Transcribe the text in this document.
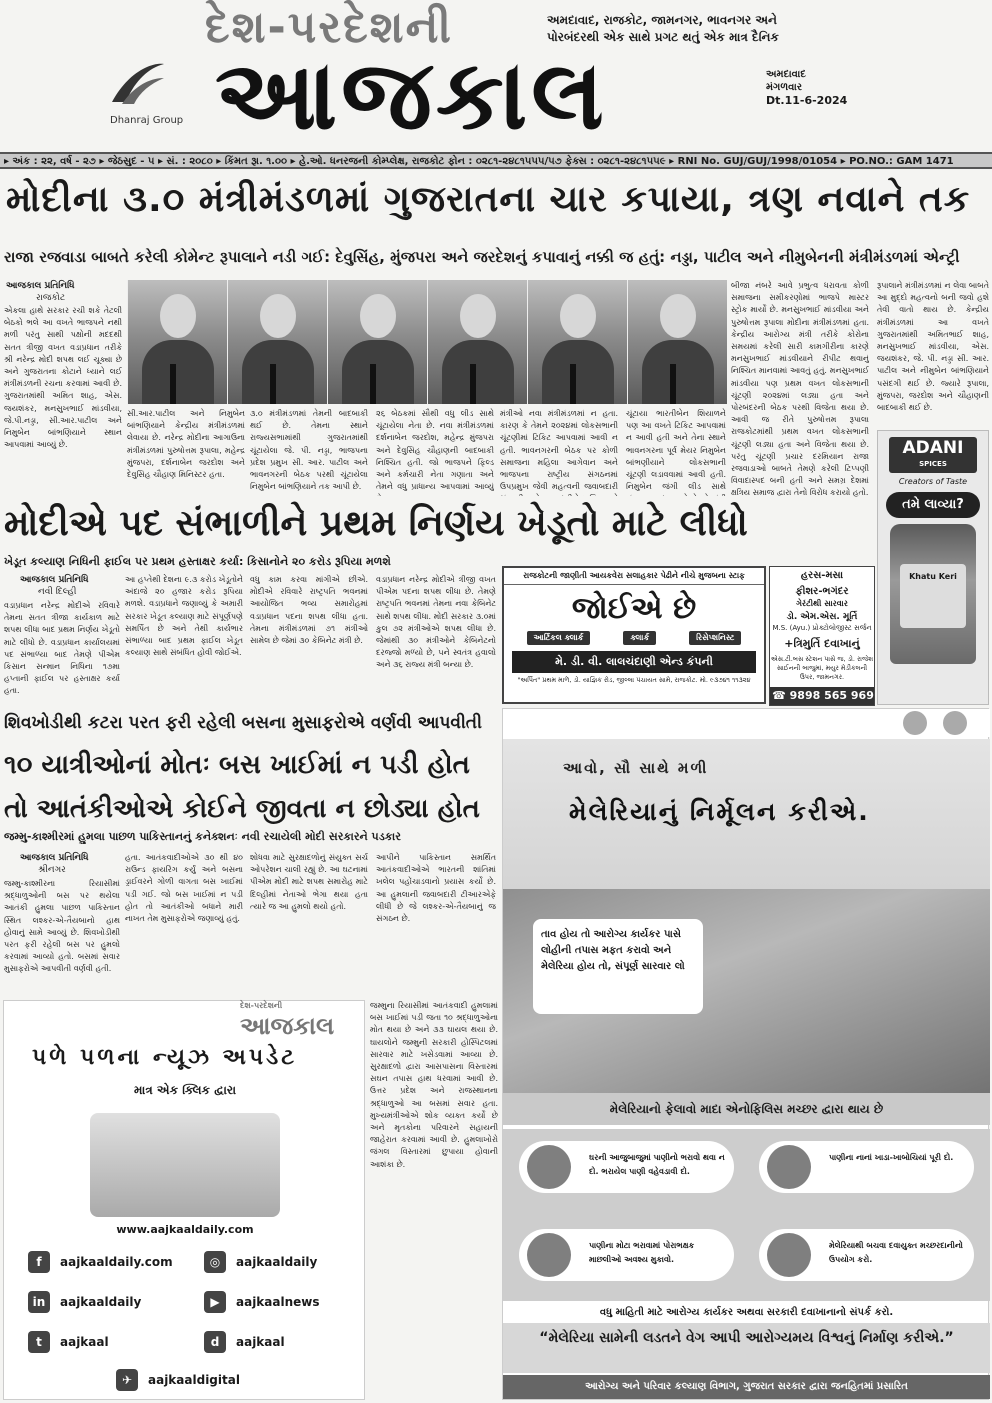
Dhanraj Group
દેશ-પરદેશની
આજકાલ
અમદાવાદ, રાજકોટ, જામનગર, ભાવનગર અને
પોરબંદરથી એક સાથે પ્રગટ થતું એક માત્ર દૈનિક
અમદાવાદ
મંગળવાર
Dt.11-6-2024
▸ અંક : ૨૨, વર્ષ - ૨૭ ▸ જેઠસુદ - ૫ ▸ સં. : ૨૦૮૦ ▸ કિંમત રૂા. ૧.૦૦ ▸ હે.ઓ. ધનરજની કોમ્પ્લેક્ષ, રાજકોટ ફોન : ૦૨૮૧-૨૪૮૧૫૫૫/૫૭ ફેક્સ : ૦૨૮૧-૨૪૮૧૫૫૯ ▸ RNI No. GUJ/GUJ/1998/01054 ▸ PO.NO.: GAM 1471
મોદીના ૩.૦ મંત્રીમંડળમાં ગુજરાતના ચાર કપાયા, ત્રણ નવાને તક
રાજા રજવાડા બાબતે કરેલી કોમેન્ટ રૂપાલાને નડી ગઈ: દેવુસિંહ, મુંજપરા અને જરદેશનું કપાવાનું નક્કી જ હતું: નડ્ડા, પાટીલ અને નીમુબેનની મંત્રીમંડળમાં એન્ટ્રી
આજકાલ પ્રતિનિધિ
રાજકોટ
એકલા હાથે સરકાર રચી શકે તેટલી બેઠકો ભલે આ વખતે ભાજપને નથી મળી પરંતુ સાથી પક્ષોની મદદથી સતત ત્રીજી વખત વડાપ્રધાન તરીકે શ્રી નરેન્દ્ર મોદી શપથ લઈ ચૂક્યા છે અને ગુજરાતના કોટાને ધ્યાને લઈ મંત્રીમંડળની રચના કરવામાં આવી છે. ગુજરાતમાંથી અમિત શાહ, એસ. જયશંકર, મનસુખભાઈ માંડવીયા, જે.પી.નડ્ડા, સી.આર.પાટીલ અને નિમુબેન બાંભણિયાને સ્થાન આપવામાં આવ્યું છે.
સી.આર.પાટીલ અને નિમુબેન બાંભણિયાને કેન્દ્રીય મંત્રીમંડળમાં લેવાયા છે. નરેન્દ્ર મોદીના આગાઉના મંત્રીમંડળમાં પુરુષોત્તમ રૂપાલા, મહેન્દ્ર મુંજપરા, દર્શનાબેન જરદોશ અને દેવુસિંહ ચૌહાણ મિનિસ્ટર હતા.
૩.૦ મંત્રીમંડળમાં તેમની બાદબાકી થઈ છે. તેમના સ્થાને રાજ્યસભામાંથી ગુજરાતમાંથી ચૂંટાયેલા જે. પી. નડ્ડા, ભાજપના પ્રદેશ પ્રમુખ સી. આર. પાટીલ અને ભાવનગરની બેઠક પરથી ચૂંટાયેલા નિમુબેન બાંભણિયાને તક આપી છે.
૨૬ બેઠકમાં સૌથી વધુ લીડ સાથે ચૂંટાયેલા નેતા છે. નવા મંત્રીમંડળમાં દર્શનાબેન જરદોશ, મહેન્દ્ર મુંજપરા અને દેવુસિંહ ચૌહાણની બાદબાકી નિશ્ચિત હતી. જો ભાજપને ફિલ્ડ અને કર્મચારી નેતા ગણાતા અને તેમને વધુ પ્રાધાન્ય આપવામાં આવ્યું
મંત્રીઓ નવા મંત્રીમંડળમાં ન હતા. કારણ કે તેમને ૨૦૨૪માં લોકસભાની ચૂંટણીમાં ટિકિટ આપવામાં આવી ન હતી. ભાવનગરની બેઠક પર કોળી સમાજના મહિલા આગેવાન અને ભાજપના રાષ્ટ્રીય સંગઠનમાં ઉપપ્રમુખ જેવી મહત્વની જવાબદારી
ચૂંટાયા ભારતીબેન શિયાળને પણ આ વખતે ટિકિટ આપવામાં ન આવી હતી અને તેના સ્થાને ભાવનગરના પૂર્વ મેયર નિમુબેન બાંભણીયાને લોકસભાની ચૂંટણી લડાવવામાં આવી હતી. નિમુબેન જંગી લીડ સાથે
બીજા નંબરે આવે પ્રભુત્વ ધરાવતા કોળી સમાજના સમીકરણોમાં ભાજપે માસ્ટર સ્ટ્રોક માર્યો છે. મનસુખભાઈ માંડવીયા અને પુરુષોત્તમ રૂપાલા મોદીના મંત્રીમંડળમાં હતા. કેન્દ્રીય આરોગ્ય મંત્રી તરીકે કોરોના સમયમાં કરેલી સારી કામગીરીના કારણે મનસુખભાઈ માંડવીયાને રીપીટ થવાનું નિશ્ચિત માનવામાં આવતું હતું. મનસુખભાઈ માંડવીયા પણ પ્રથમ વખત લોકસભાની ચૂંટણી ૨૦૨૪માં લડ્યા હતા અને પોરબંદરની બેઠક પરથી વિજેતા થયા છે. આવી જ રીતે પુરુષોત્તમ રૂપાલા રાજકોટમાંથી પ્રથમ વખત લોકસભાની ચૂંટણી લડ્યા હતા અને વિજેતા થયા છે. પરંતુ ચૂંટણી પ્રચાર દરમિયાન રાજા રજવાડાઓ બાબતે તેમણે કરેલી ટિપ્પણી વિવાદાસ્પદ બની હતી અને સમગ્ર દેશમાં ક્ષત્રિય સમાજ દ્વારા તેનો વિરોધ કરાયો હતો.
રૂપાલાને મંત્રીમંડળમાં ન લેવા બાબતે આ મુદ્દો મહત્વનો બની જવો હશે તેવી વાતો થાય છે. કેન્દ્રીય મંત્રીમંડળમાં આ વખતે ગુજરાતમાંથી અમિતભાઈ શાહ, મનસુખભાઈ માંડવીયા, એસ. જયશંકર, જે. પી. નડ્ડા સી. આર. પાટીલ અને નીમુબેન બાંભણિયાને પસંદગી થઈ છે. જ્યારે રૂપાલા, મુંજપરા, જરદોશ અને ચૌહાણની બાદબાકી થઈ છે.
ADANI
SPICES
Creators of Taste
તમે લાવ્યા?
Khatu Keri
મોદીએ પદ સંભાળીને પ્રથમ નિર્ણય ખેડૂતો માટે લીધો
ખેડૂત કલ્યાણ નિધિની ફાઈલ પર પ્રથમ હસ્તાક્ષર કર્યા: કિસાનોને ૨૦ કરોડ રૂપિયા મળશે
આજકાલ પ્રતિનિધિ
નવી દિલ્હી
વડાપ્રધાન નરેન્દ્ર મોદીએ રવિવારે તેમના સતત ત્રીજા કાર્યકાળ માટે શપથ લીધા બાદ પ્રથમ નિર્ણય ખેડૂતો માટે લીધો છે. વડાપ્રધાન કાર્યાલયમાં પદ સંભાળ્યા બાદ તેમણે પીએમ કિસાન સન્માન નિધિના ૧૭મા હપ્તાની ફાઈલ પર હસ્તાક્ષર કર્યા હતા.
આ હપ્તેથી દેશના ૯.૩ કરોડ ખેડૂતોને અંદાજે ૨૦ હજાર કરોડ રૂપિયા મળશે. વડાપ્રધાને જણાવ્યું કે અમારી સરકાર ખેડૂત કલ્યાણ માટે સંપૂર્ણપણે સમર્પિત છે અને તેથી કાર્યભાર સંભાળ્યા બાદ પ્રથમ ફાઈલ ખેડૂત કલ્યાણ સાથે સંબંધિત હોવી જોઈએ.
વધુ કામ કરવા માંગીએ છીએ. મોદીએ રવિવારે રાષ્ટ્રપતિ ભવનમાં આયોજિત ભવ્ય સમારોહમાં વડાપ્રધાન પદના શપથ લીધા હતા. તેમના મંત્રીમંડળમાં ૭૧ મંત્રીઓ સામેલ છે જેમાં ૩૦ કેબિનેટ મંત્રી છે.
વડાપ્રધાન નરેન્દ્ર મોદીએ ત્રીજી વખત પીએમ પદના શપથ લીધા છે. તેમણે રાષ્ટ્રપતિ ભવનમાં તેમના નવા કેબિનેટ સાથે શપથ લીધા. મોદી સરકાર ૩.૦માં કુલ ૭૨ મંત્રીઓએ શપથ લીધા છે. જેમાંથી ૩૦ મંત્રીઓને કેબિનેટનો દરજ્જો મળ્યો છે, ૫ને સ્વતંત્ર હવાલો અને ૩૬ રાજ્ય મંત્રી બન્યા છે.
રાજકોટની જાણીતી આયકવેરા સલાહકાર પેઢીને નીચે મુજબના સ્ટાફ
જોઈએ છે
આર્ટિકલ ક્લાર્ક	ક્લાર્ક	રિસેપ્શનિસ્ટ
મે. ડી. વી. લાલચંદાણી એન્ડ કંપની
"અર્પિત" પ્રથમ માળે, ડો. યાજ્ઞિક રોડ, જીલ્લા પંચાયત સામે, રાજકોટ. મો. ૯૩૭૪૧ ૧૧૩૨૪
હરસ-મસા
ફીશર-ભગંદર
ગેરંટીથી સારવાર
ડો. એમ.એસ. મૂર્તિ
M.S. (Ayu.) પ્રોક્ટોલોજીસ્ટ સર્જન
+ત્રિમુર્તિ દવાખાનું
એસ.ટી.બસ સ્ટેશન પાસે જ, ડો. રાજેશ સાઈનની બાજુમાં, મયુર મેડીકલની ઉપર, જામનગર.
☎ 9898 565 969
શિવખોડીથી કટરા પરત ફરી રહેલી બસના મુસાફરોએ વર્ણવી આપવીતી
૧૦ યાત્રીઓનાં મોતઃ બસ ખાઈમાં ન પડી હોત
તો આતંકીઓએ કોઈને જીવતા ન છોડ્યા હોત
જમ્મુ-કાશ્મીરમાં હુમલા પાછળ પાકિસ્તાનનું કનેક્શનઃ નવી રચાયેલી મોદી સરકારને પડકાર
આજકાલ પ્રતિનિધિ
શ્રીનગર
જમ્મુ-કાશ્મીરના રિયાસીમાં શ્રદ્ધાળુઓની બસ પર થયેલા આતંકી હુમલા પાછળ પાકિસ્તાન સ્થિત લશ્કર-એ-તૈયબાનો હાથ હોવાનું સામે આવ્યું છે. શિવખોડીથી પરત ફરી રહેલી બસ પર હુમલો કરવામાં આવ્યો હતો. બસમાં સવાર મુસાફરોએ આપવીતી વર્ણવી હતી.
હતા. આતંકવાદીઓએ ૩૦ થી ૪૦ રાઉન્ડ ફાયરિંગ કર્યું અને બસના ડ્રાઈવરને ગોળી વાગતા બસ ખાઈમાં પડી ગઈ. જો બસ ખાઈમાં ન પડી હોત તો આતંકીઓ બધાને મારી નાખત તેમ મુસાફરોએ જણાવ્યું હતું.
શોધવા માટે સુરક્ષાદળોનું સંયુક્ત સર્ચ ઓપરેશન ચાલી રહ્યું છે. આ ઘટનામાં પીએમ મોદી માટે શપથ સમારોહ માટે દિલ્હીમાં નેતાઓ ભેગા થયા હતા ત્યારે જ આ હુમલો થયો હતો.
આપીને પાકિસ્તાન સમર્થિત આતંકવાદીઓએ ભારતની શાંતિમાં ખલેલ પહોંચાડવાનો પ્રયાસ કર્યો છે. આ હુમલાની જવાબદારી ટીઆરએફે લીધી છે જે લશ્કર-એ-તૈયબાનું જ સંગઠન છે.
જમ્મુના રિયાસીમાં આતંકવાદી હુમલામાં બસ ખાઈમાં પડી જતા ૧૦ શ્રદ્ધાળુઓના મોત થયા છે અને ૩૩ ઘાયલ થયા છે. ઘાયલોને જમ્મુની સરકારી હોસ્પિટલમાં સારવાર માટે ખસેડવામાં આવ્યા છે. સુરક્ષાદળો દ્વારા આસપાસના વિસ્તારમાં સઘન તપાસ હાથ ધરવામાં આવી છે. ઉત્તર પ્રદેશ અને રાજસ્થાનના શ્રદ્ધાળુઓ આ બસમાં સવાર હતા. મુખ્યમંત્રીઓએ શોક વ્યક્ત કર્યો છે અને મૃતકોના પરિવારને સહાયની જાહેરાત કરવામાં આવી છે. હુમલાખોરો જંગલ વિસ્તારમાં છુપાયા હોવાની આશંકા છે.
દેશ-પરદેશની
આજકાલ
પળે પળના ન્યૂઝ અપડેટ
માત્ર એક ક્લિક દ્વારા
www.aajkaaldaily.com
f	aajkaaldaily.com	◎	aajkaaldaily
in	aajkaaldaily	▶	aajkaalnews
t	aajkaal	d	aajkaal
✈	aajkaaldigital
આવો, સૌ સાથે મળી
મેલેરિયાનું નિર્મૂલન કરીએ.
તાવ હોય તો આરોગ્ય કાર્યકર પાસે લોહીની તપાસ મફત કરાવો અને મેલેરિયા હોય તો, સંપૂર્ણ સારવાર લો
મેલેરિયાનો ફેલાવો માદા એનોફિલિસ મચ્છર દ્વારા થાય છે
ઘરની આજુબાજુમાં પાણીનો ભરાવો થવા ન દો. ભરાયેલ પાણી વહેવડાવી દો.
પાણીના નાનાં ખાડા-ખાબોચિયાં પૂરી દો.
પાણીના મોટા ભરાવામાં પોરાભક્ષક માછલીઓ અવશ્ય મુકાવો.
મેલેરિયાથી બચવા દવાયુક્ત મચ્છરદાનીનો ઉપયોગ કરો.
વધુ માહિતી માટે આરોગ્ય કાર્યકર અથવા સરકારી દવાખાનાનો સંપર્ક કરો.
“મેલેરિયા સામેની લડતને વેગ આપી આરોગ્યમય વિશ્વનું નિર્માણ કરીએ.”
આરોગ્ય અને પરિવાર કલ્યાણ વિભાગ, ગુજરાત સરકાર દ્વારા જનહિતમાં પ્રસારિત
